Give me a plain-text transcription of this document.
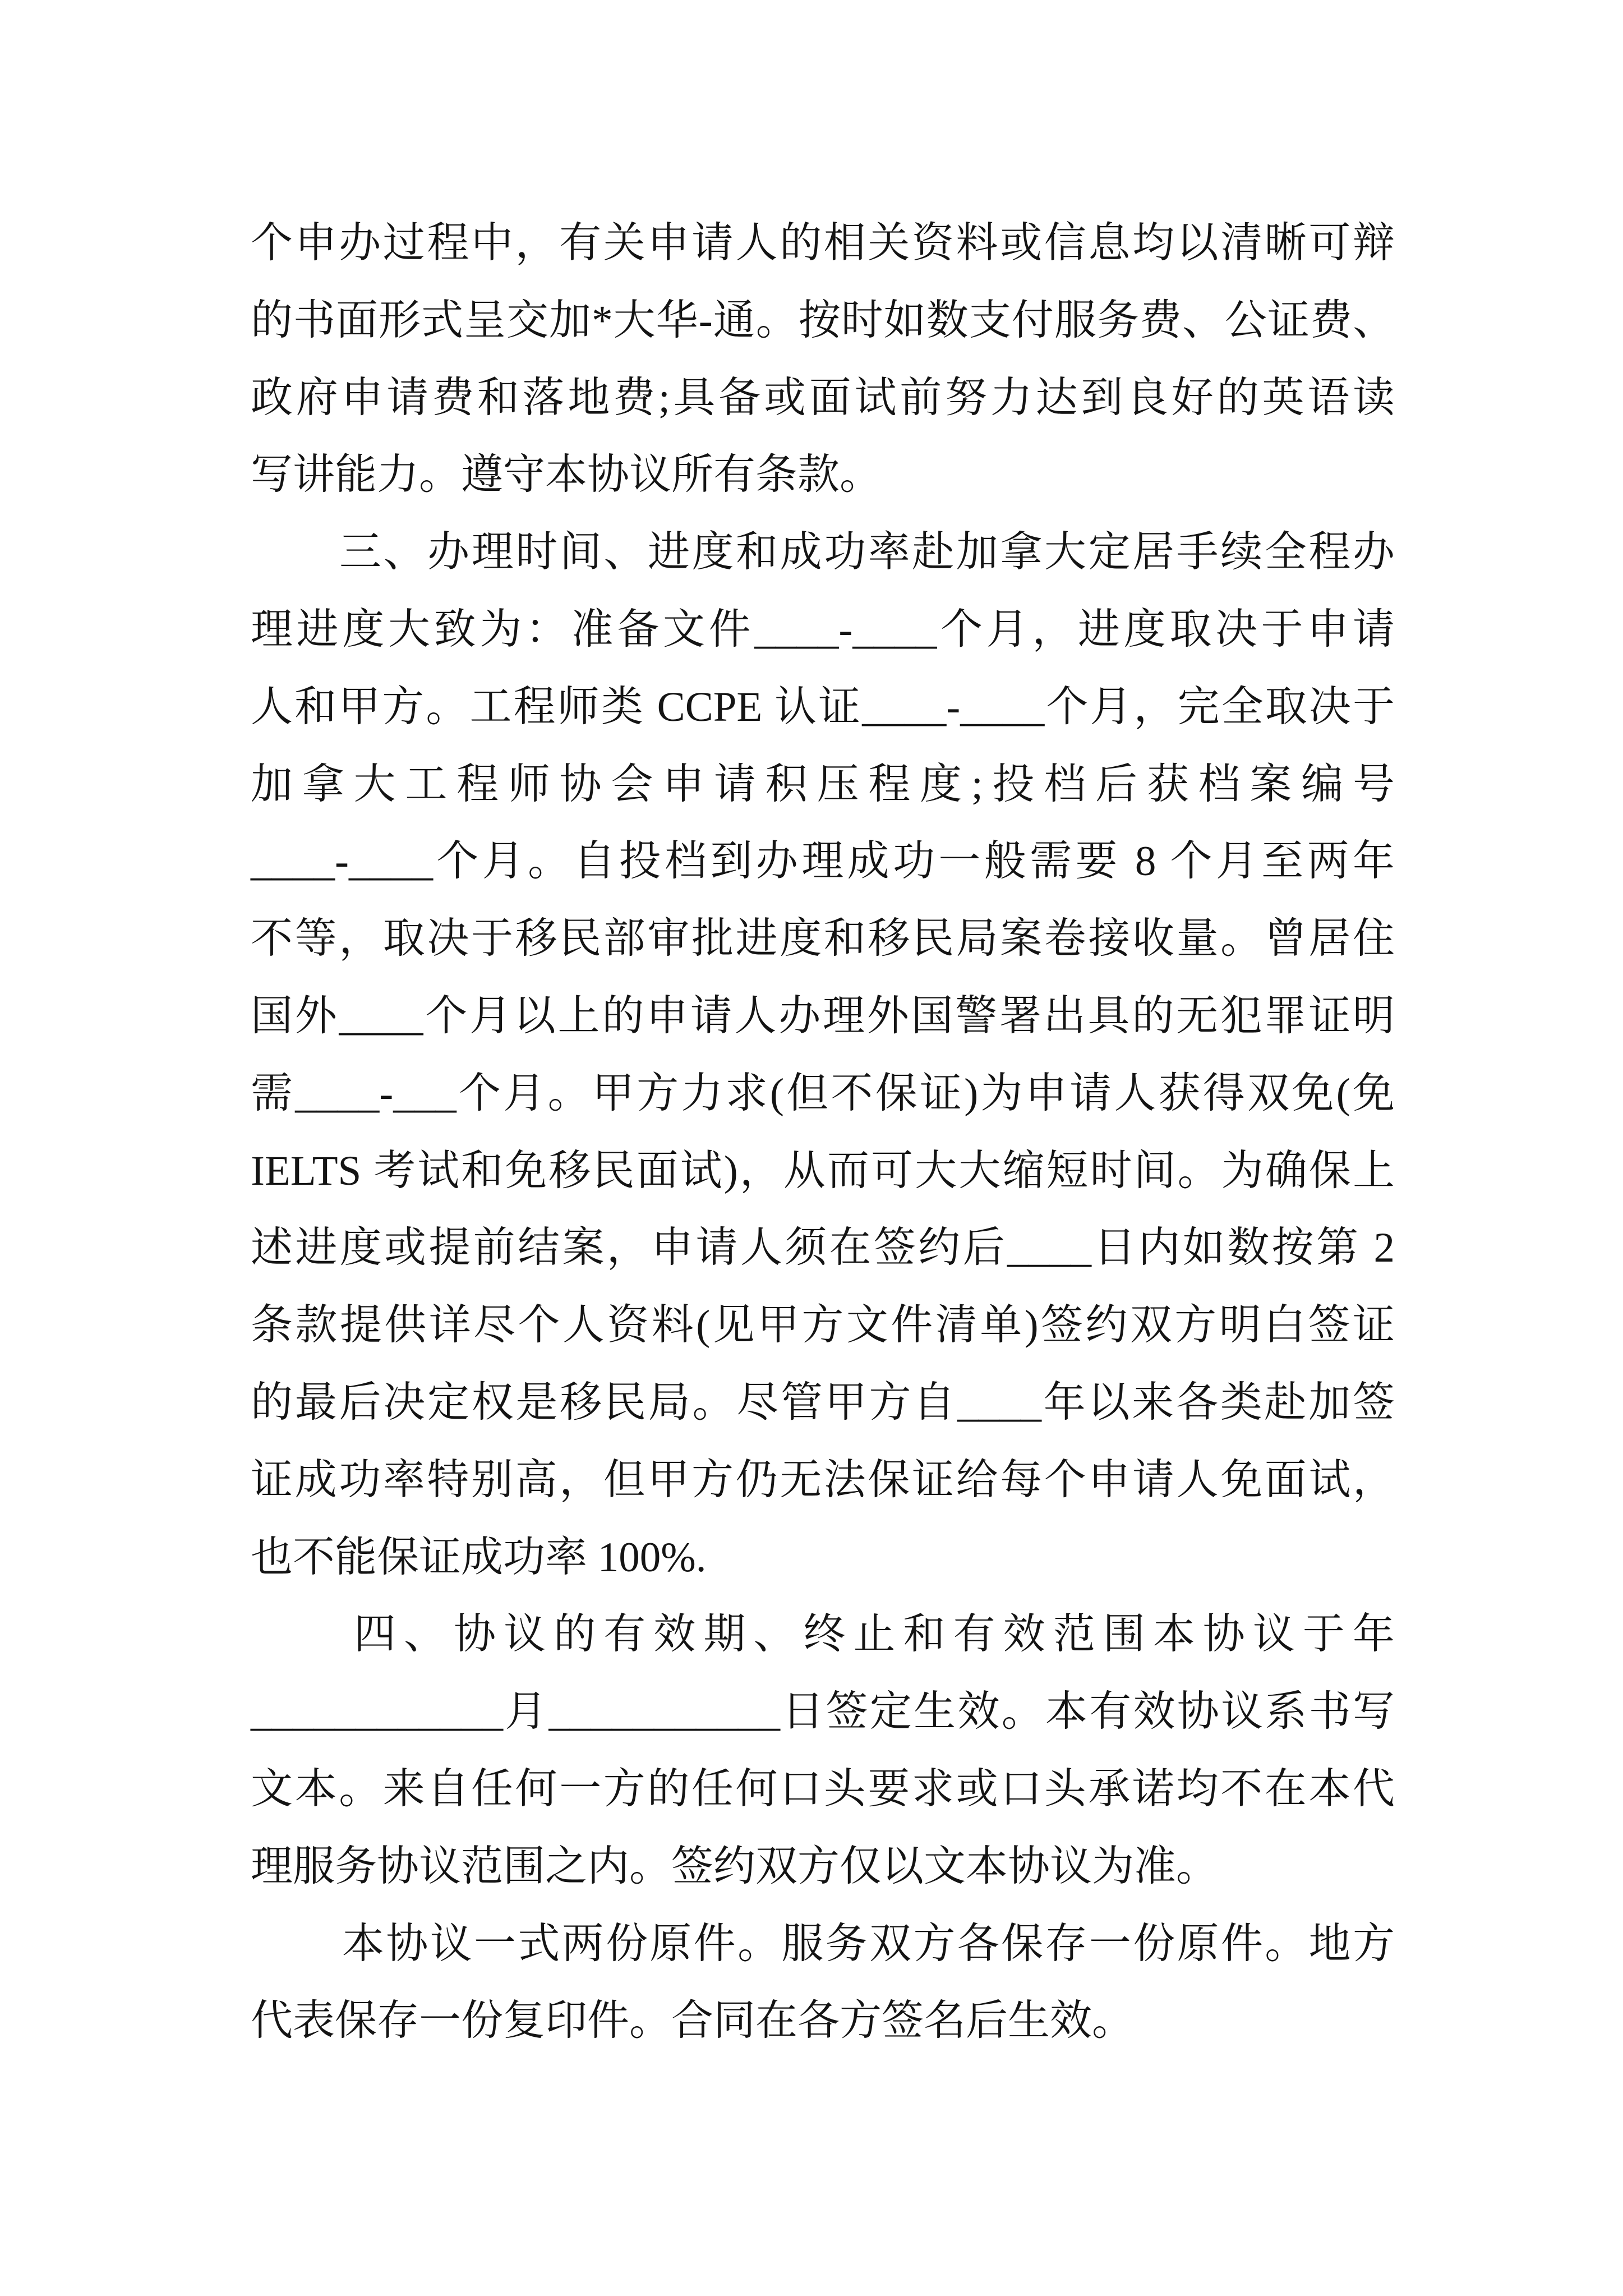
个申办过程中，有关申请人的相关资料或信息均以清晰可辩
的书面形式呈交加*大华-通。按时如数支付服务费、公证费、
政府申请费和落地费;具备或面试前努力达到良好的英语读
写讲能力。遵守本协议所有条款。
三、办理时间、进度和成功率赴加拿大定居手续全程办
理进度大致为：准备文件____-____个月，进度取决于申请
人和甲方。工程师类 CCPE 认证____-____个月，完全取决于
加拿大工程师协会申请积压程度;投档后获档案编号
____-____个月。自投档到办理成功一般需要 8 个月至两年
不等，取决于移民部审批进度和移民局案卷接收量。曾居住
国外____个月以上的申请人办理外国警署出具的无犯罪证明
需____-___个月。甲方力求(但不保证)为申请人获得双免(免
IELTS 考试和免移民面试)，从而可大大缩短时间。为确保上
述进度或提前结案，申请人须在签约后____日内如数按第 2
条款提供详尽个人资料(见甲方文件清单)签约双方明白签证
的最后决定权是移民局。尽管甲方自____年以来各类赴加签
证成功率特别高，但甲方仍无法保证给每个申请人免面试，
也不能保证成功率 100%.
四、协议的有效期、终止和有效范围本协议于年
____________月___________日签定生效。本有效协议系书写
文本。来自任何一方的任何口头要求或口头承诺均不在本代
理服务协议范围之内。签约双方仅以文本协议为准。
本协议一式两份原件。服务双方各保存一份原件。地方
代表保存一份复印件。合同在各方签名后生效。
